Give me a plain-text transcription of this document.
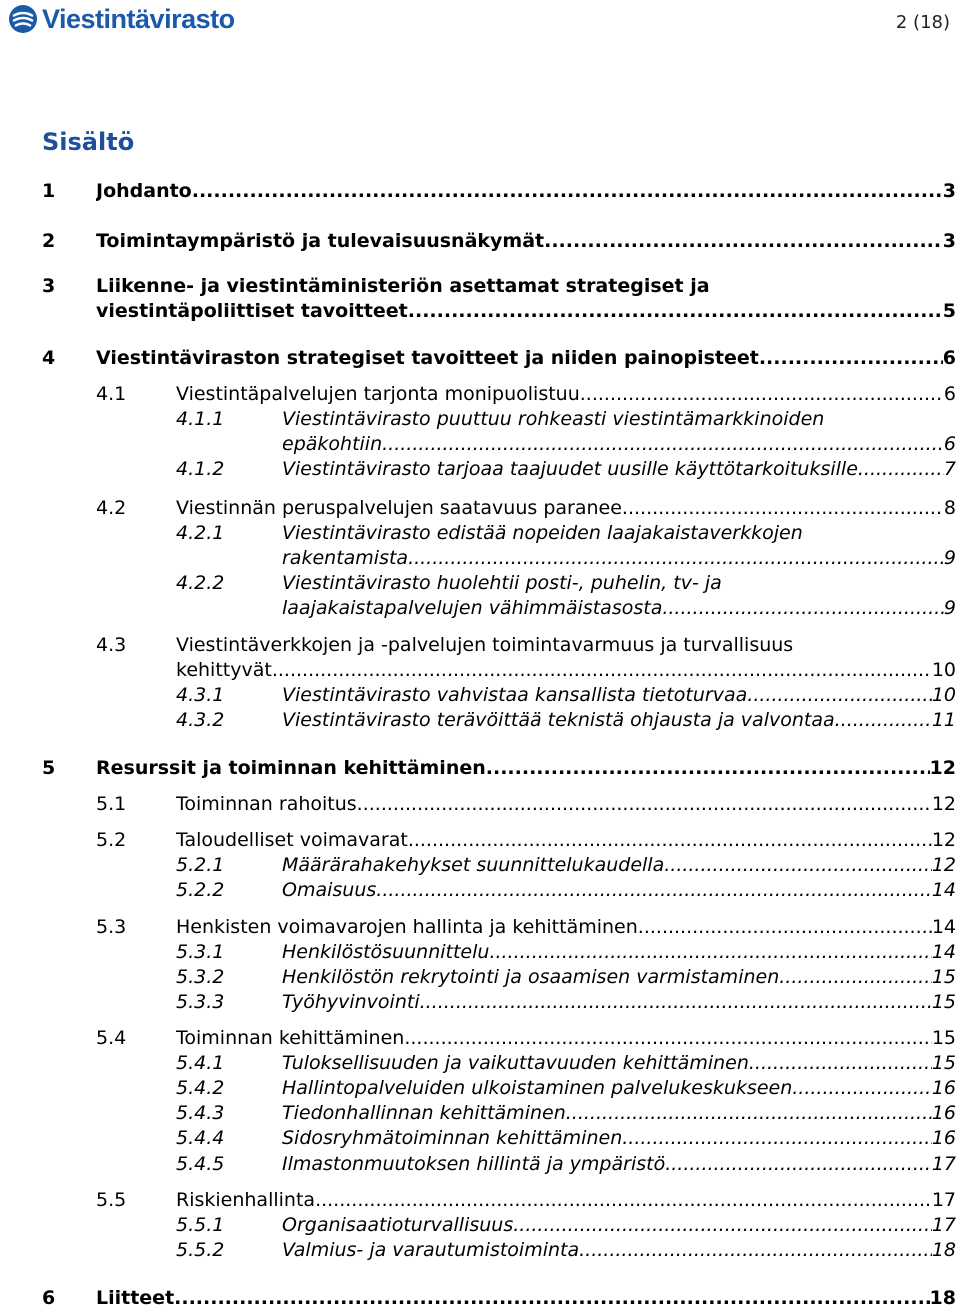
Viestintävirasto	2 (18)
Sisältö
1 Johdanto .....	3
2 Toimintaympäristö ja tulevaisuusnäkymät .....	3
3 Liikenne- ja viestintäministeriön asettamat strategiset ja
viestintäpoliittiset tavoitteet .....	5
4 Viestintäviraston strategiset tavoitteet ja niiden painopisteet .....	6
4.1	Viestintäpalvelujen tarjonta monipuolistuu .....	6
4.1.1	Viestintävirasto puuttuu rohkeasti viestintämarkkinoiden
epäkohtiin .....	6
4.1.2	Viestintävirasto tarjoaa taajuudet uusille käyttötarkoituksille .....	7
4.2	Viestinnän peruspalvelujen saatavuus paranee .....	8
4.2.1	Viestintävirasto edistää nopeiden laajakaistaverkkojen
rakentamista .....	9
4.2.2	Viestintävirasto huolehtii posti-, puhelin, tv- ja
laajakaistapalvelujen vähimmäistasosta .....	9
4.3	Viestintäverkkojen ja -palvelujen toimintavarmuus ja turvallisuus
kehittyvät .....	10
4.3.1	Viestintävirasto vahvistaa kansallista tietoturvaa .....	10
4.3.2	Viestintävirasto terävöittää teknistä ohjausta ja valvontaa .....	11
5 Resurssit ja toiminnan kehittäminen .....	12
5.1	Toiminnan rahoitus .....	12
5.2	Taloudelliset voimavarat .....	12
5.2.1	Määrärahakehykset suunnittelukaudella .....	12
5.2.2	Omaisuus .....	14
5.3	Henkisten voimavarojen hallinta ja kehittäminen .....	14
5.3.1	Henkilöstösuunnittelu .....	14
5.3.2	Henkilöstön rekrytointi ja osaamisen varmistaminen .....	15
5.3.3	Työhyvinvointi .....	15
5.4	Toiminnan kehittäminen .....	15
5.4.1	Tuloksellisuuden ja vaikuttavuuden kehittäminen .....	15
5.4.2	Hallintopalveluiden ulkoistaminen palvelukeskukseen .....	16
5.4.3	Tiedonhallinnan kehittäminen .....	16
5.4.4	Sidosryhmätoiminnan kehittäminen .....	16
5.4.5	Ilmastonmuutoksen hillintä ja ympäristö .....	17
5.5	Riskienhallinta .....	17
5.5.1	Organisaatioturvallisuus .....	17
5.5.2	Valmius- ja varautumistoiminta .....	18
6 Liitteet .....	18
